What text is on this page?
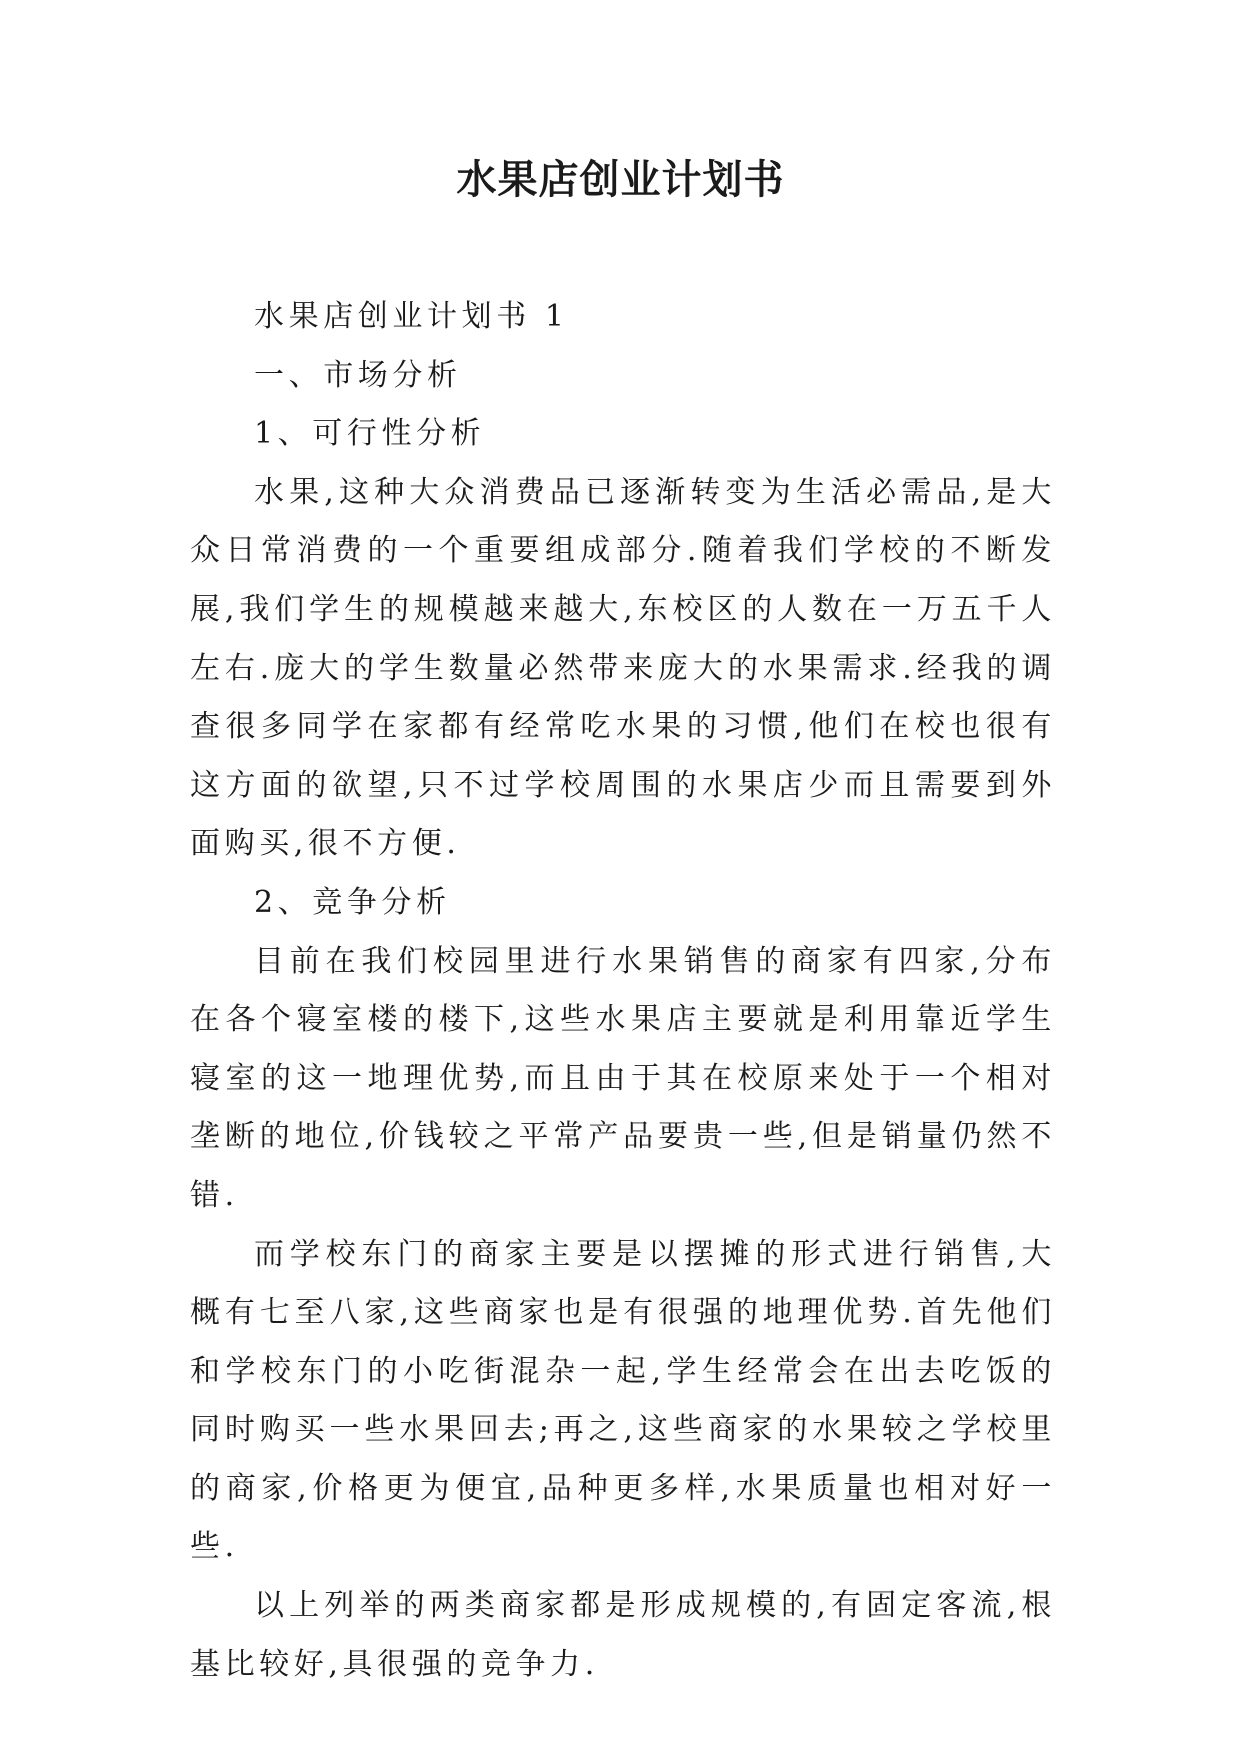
水果店创业计划书

水果店创业计划书 1

一、市场分析

1、可行性分析

水果,这种大众消费品已逐渐转变为生活必需品,是大众日常消费的一个重要组成部分.随着我们学校的不断发展,我们学生的规模越来越大,东校区的人数在一万五千人左右.庞大的学生数量必然带来庞大的水果需求.经我的调查很多同学在家都有经常吃水果的习惯,他们在校也很有这方面的欲望,只不过学校周围的水果店少而且需要到外面购买,很不方便.

2、竞争分析

目前在我们校园里进行水果销售的商家有四家,分布在各个寝室楼的楼下,这些水果店主要就是利用靠近学生寝室的这一地理优势,而且由于其在校原来处于一个相对垄断的地位,价钱较之平常产品要贵一些,但是销量仍然不错.

而学校东门的商家主要是以摆摊的形式进行销售,大概有七至八家,这些商家也是有很强的地理优势.首先他们和学校东门的小吃街混杂一起,学生经常会在出去吃饭的同时购买一些水果回去;再之,这些商家的水果较之学校里的商家,价格更为便宜,品种更多样,水果质量也相对好一些.

以上列举的两类商家都是形成规模的,有固定客流,根基比较好,具很强的竞争力.
